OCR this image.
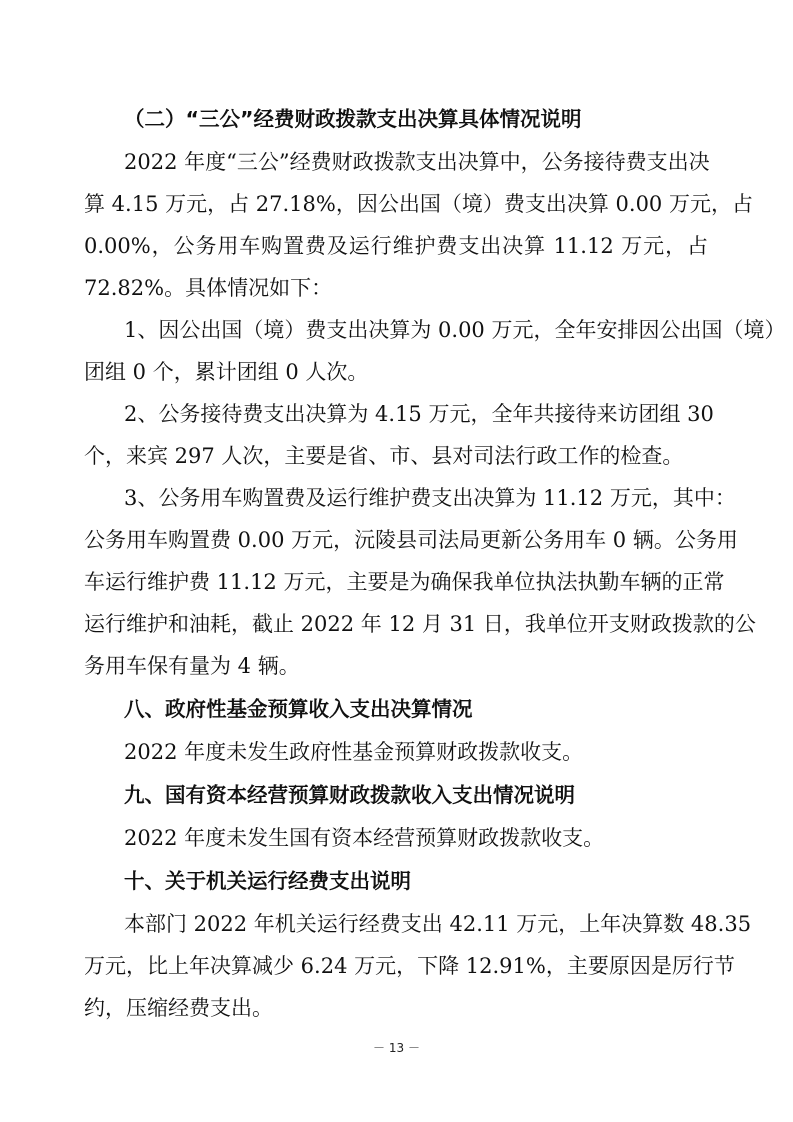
（二）“三公”经费财政拨款支出决算具体情况说明
2022 年度“三公”经费财政拨款支出决算中，公务接待费支出决
算 4.15 万元，占 27.18%，因公出国（境）费支出决算 0.00 万元，占
0.00%，公务用车购置费及运行维护费支出决算 11.12 万元，占
72.82%。具体情况如下：
1、因公出国（境）费支出决算为 0.00 万元，全年安排因公出国（境）
团组 0 个，累计团组 0 人次。
2、公务接待费支出决算为 4.15 万元，全年共接待来访团组 30
个，来宾 297 人次，主要是省、市、县对司法行政工作的检查。
3、公务用车购置费及运行维护费支出决算为 11.12 万元，其中：
公务用车购置费 0.00 万元，沅陵县司法局更新公务用车 0 辆。公务用
车运行维护费 11.12 万元，主要是为确保我单位执法执勤车辆的正常
运行维护和油耗，截止 2022 年 12 月 31 日，我单位开支财政拨款的公
务用车保有量为 4 辆。
八、政府性基金预算收入支出决算情况
2022 年度未发生政府性基金预算财政拨款收支。
九、国有资本经营预算财政拨款收入支出情况说明
2022 年度未发生国有资本经营预算财政拨款收支。
十、关于机关运行经费支出说明
本部门 2022 年机关运行经费支出 42.11 万元，上年决算数 48.35
万元，比上年决算减少 6.24 万元，下降 12.91%，主要原因是厉行节
约，压缩经费支出。
－ 13 －
